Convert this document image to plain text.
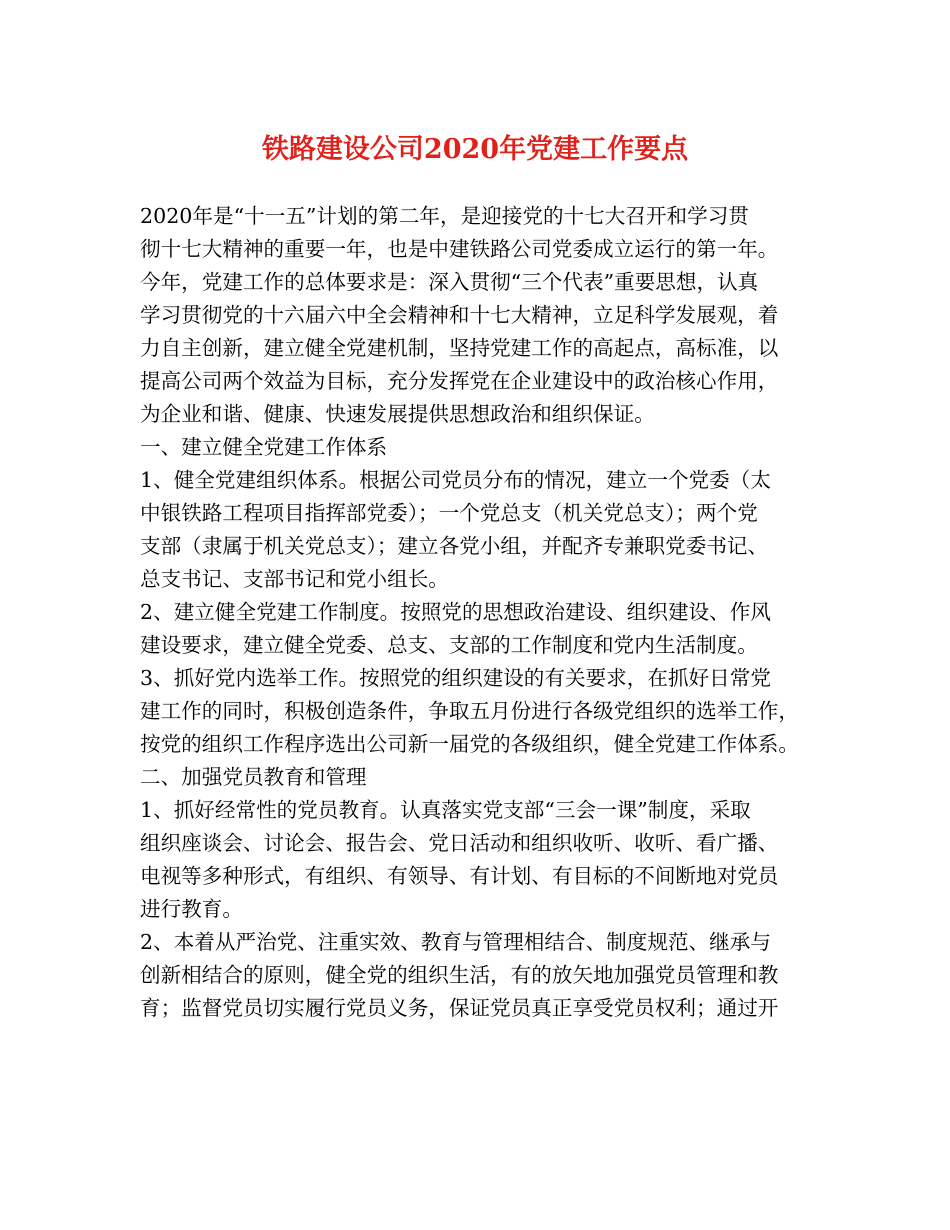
铁路建设公司2020年党建工作要点
2020年是“十一五”计划的第二年，是迎接党的十七大召开和学习贯
彻十七大精神的重要一年，也是中建铁路公司党委成立运行的第一年。
今年，党建工作的总体要求是：深入贯彻“三个代表”重要思想，认真
学习贯彻党的十六届六中全会精神和十七大精神，立足科学发展观，着
力自主创新，建立健全党建机制，坚持党建工作的高起点，高标准，以
提高公司两个效益为目标，充分发挥党在企业建设中的政治核心作用，
为企业和谐、健康、快速发展提供思想政治和组织保证。
一、建立健全党建工作体系
1、健全党建组织体系。根据公司党员分布的情况，建立一个党委（太
中银铁路工程项目指挥部党委）；一个党总支（机关党总支）；两个党
支部（隶属于机关党总支）；建立各党小组，并配齐专兼职党委书记、
总支书记、支部书记和党小组长。
2、建立健全党建工作制度。按照党的思想政治建设、组织建设、作风
建设要求，建立健全党委、总支、支部的工作制度和党内生活制度。
3、抓好党内选举工作。按照党的组织建设的有关要求，在抓好日常党
建工作的同时，积极创造条件，争取五月份进行各级党组织的选举工作，
按党的组织工作程序选出公司新一届党的各级组织，健全党建工作体系。
二、加强党员教育和管理
1、抓好经常性的党员教育。认真落实党支部“三会一课”制度，采取
组织座谈会、讨论会、报告会、党日活动和组织收听、收听、看广播、
电视等多种形式，有组织、有领导、有计划、有目标的不间断地对党员
进行教育。
2、本着从严治党、注重实效、教育与管理相结合、制度规范、继承与
创新相结合的原则，健全党的组织生活，有的放矢地加强党员管理和教
育；监督党员切实履行党员义务，保证党员真正享受党员权利；通过开
